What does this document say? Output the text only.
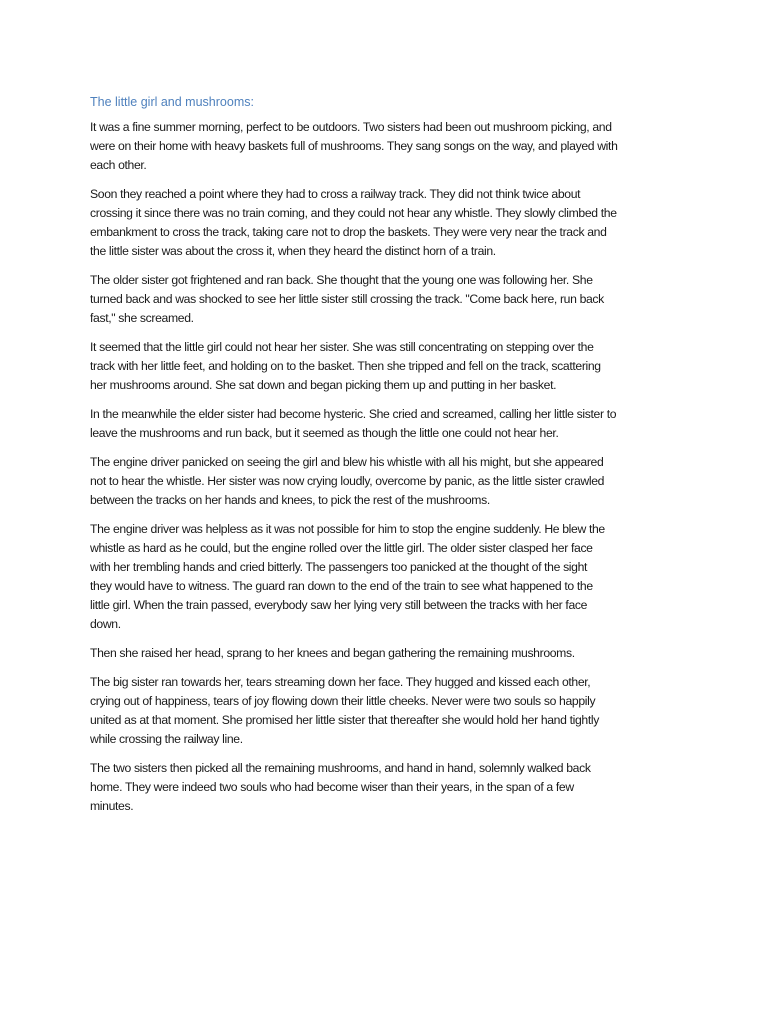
The little girl and mushrooms:

It was a fine summer morning, perfect to be outdoors. Two sisters had been out mushroom picking, and
were on their home with heavy baskets full of mushrooms. They sang songs on the way, and played with
each other.

Soon they reached a point where they had to cross a railway track. They did not think twice about
crossing it since there was no train coming, and they could not hear any whistle. They slowly climbed the
embankment to cross the track, taking care not to drop the baskets. They were very near the track and
the little sister was about the cross it, when they heard the distinct horn of a train.

The older sister got frightened and ran back. She thought that the young one was following her. She
turned back and was shocked to see her little sister still crossing the track. "Come back here, run back
fast," she screamed.

It seemed that the little girl could not hear her sister. She was still concentrating on stepping over the
track with her little feet, and holding on to the basket. Then she tripped and fell on the track, scattering
her mushrooms around. She sat down and began picking them up and putting in her basket.

In the meanwhile the elder sister had become hysteric. She cried and screamed, calling her little sister to
leave the mushrooms and run back, but it seemed as though the little one could not hear her.

The engine driver panicked on seeing the girl and blew his whistle with all his might, but she appeared
not to hear the whistle. Her sister was now crying loudly, overcome by panic, as the little sister crawled
between the tracks on her hands and knees, to pick the rest of the mushrooms.

The engine driver was helpless as it was not possible for him to stop the engine suddenly. He blew the
whistle as hard as he could, but the engine rolled over the little girl. The older sister clasped her face
with her trembling hands and cried bitterly. The passengers too panicked at the thought of the sight
they would have to witness. The guard ran down to the end of the train to see what happened to the
little girl. When the train passed, everybody saw her lying very still between the tracks with her face
down.

Then she raised her head, sprang to her knees and began gathering the remaining mushrooms.

The big sister ran towards her, tears streaming down her face. They hugged and kissed each other,
crying out of happiness, tears of joy flowing down their little cheeks. Never were two souls so happily
united as at that moment. She promised her little sister that thereafter she would hold her hand tightly
while crossing the railway line.

The two sisters then picked all the remaining mushrooms, and hand in hand, solemnly walked back
home. They were indeed two souls who had become wiser than their years, in the span of a few
minutes.
